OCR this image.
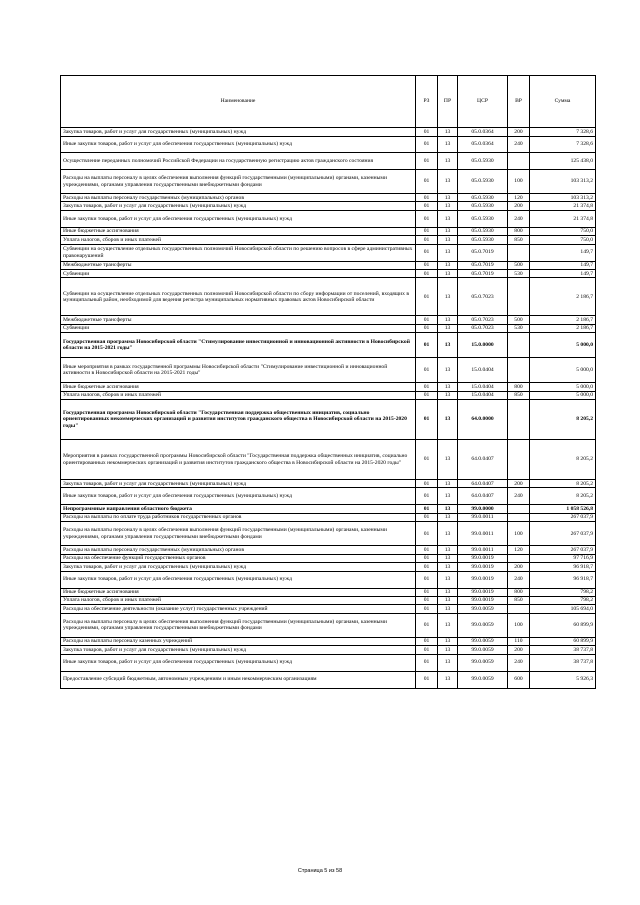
Наименование	РЗ	ПР	ЦСР	ВР	Сумма
Закупка товаров, работ и услуг для государственных (муниципальных) нужд	01	13	05.0.0364	200	7 328,6
Иные закупки товаров, работ и услуг для обеспечения государственных (муниципальных) нужд	01	13	05.0.0364	240	7 328,6
Осуществление переданных полномочий Российской Федерации на государственную регистрацию актов гражданского состояния	01	13	05.0.5930		125 438,0
Расходы на выплаты персоналу в целях обеспечения выполнения функций государственными (муниципальными) органами, казенными учреждениями, органами управления государственными внебюджетными фондами	01	13	05.0.5930	100	103 313,2
Расходы на выплаты персоналу государственных (муниципальных) органов	01	13	05.0.5930	120	103 313,2
Закупка товаров, работ и услуг для государственных (муниципальных) нужд	01	13	05.0.5930	200	21 374,8
Иные закупки товаров, работ и услуг для обеспечения государственных (муниципальных) нужд	01	13	05.0.5930	240	21 374,8
Иные бюджетные ассигнования	01	13	05.0.5930	800	750,0
Уплата налогов, сборов и иных платежей	01	13	05.0.5930	850	750,0
Субвенции на осуществление отдельных государственных полномочий Новосибирской области по решению вопросов в сфере административных правонарушений	01	13	05.0.7019		149,7
Межбюджетные трансферты	01	13	05.0.7019	500	149,7
Субвенции	01	13	05.0.7019	530	149,7
Субвенции на осуществление отдельных государственных полномочий Новосибирской области по сбору информации от поселений, входящих в муниципальный район, необходимой для ведения регистра муниципальных нормативных правовых актов Новосибирской области	01	13	05.0.7023		2 186,7
Межбюджетные трансферты	01	13	05.0.7023	500	2 186,7
Субвенции	01	13	05.0.7023	530	2 186,7
Государственная программа Новосибирской области "Стимулирование инвестиционной и инновационной активности в Новосибирской области на 2015-2021 годы"	01	13	15.0.0000		5 000,0
Иные мероприятия в рамках государственной программы Новосибирской области "Стимулирование инвестиционной и инновационной активности в Новосибирской области на 2015-2021 годы"	01	13	15.0.0404		5 000,0
Иные бюджетные ассигнования	01	13	15.0.0404	800	5 000,0
Уплата налогов, сборов и иных платежей	01	13	15.0.0404	850	5 000,0
Государственная программа Новосибирской области "Государственная поддержка общественных инициатив, социально ориентированных некоммерческих организаций и развития институтов гражданского общества в Новосибирской области на 2015-2020 годы"	01	13	64.0.0000		8 205,2
Мероприятия в рамках государственной программы Новосибирской области "Государственная поддержка общественных инициатив, социально ориентированных некоммерческих организаций и развития институтов гражданского общества в Новосибирской области на 2015-2020 годы"	01	13	64.0.0407		8 205,2
Закупка товаров, работ и услуг для государственных (муниципальных) нужд	01	13	64.0.0407	200	8 205,2
Иные закупки товаров, работ и услуг для обеспечения государственных (муниципальных) нужд	01	13	64.0.0407	240	8 205,2
Непрограммные направления областного бюджета	01	13	99.0.0000		1 058 526,8
Расходы на выплаты по оплате труда работников государственных органов	01	13	99.0.0011		267 037,9
Расходы на выплаты персоналу в целях обеспечения выполнения функций государственными (муниципальными) органами, казенными учреждениями, органами управления государственными внебюджетными фондами	01	13	99.0.0011	100	267 037,9
Расходы на выплаты персоналу государственных (муниципальных) органов	01	13	99.0.0011	120	267 037,9
Расходы на обеспечение функций государственных органов	01	13	99.0.0019		97 716,9
Закупка товаров, работ и услуг для государственных (муниципальных) нужд	01	13	99.0.0019	200	96 918,7
Иные закупки товаров, работ и услуг для обеспечения государственных (муниципальных) нужд	01	13	99.0.0019	240	96 918,7
Иные бюджетные ассигнования	01	13	99.0.0019	800	798,2
Уплата налогов, сборов и иных платежей	01	13	99.0.0019	850	798,2
Расходы на обеспечение деятельности (оказание услуг) государственных учреждений	01	13	99.0.0059		105 694,0
Расходы на выплаты персоналу в целях обеспечения выполнения функций государственными (муниципальными) органами, казенными учреждениями, органами управления государственными внебюджетными фондами	01	13	99.0.0059	100	60 899,9
Расходы на выплаты персоналу казенных учреждений	01	13	99.0.0059	110	60 899,9
Закупка товаров, работ и услуг для государственных (муниципальных) нужд	01	13	99.0.0059	200	38 737,8
Иные закупки товаров, работ и услуг для обеспечения государственных (муниципальных) нужд	01	13	99.0.0059	240	38 737,8
Предоставление субсидий бюджетным, автономным учреждениям и иным некоммерческим организациям	01	13	99.0.0059	600	5 926,3
Страница 5 из 58
